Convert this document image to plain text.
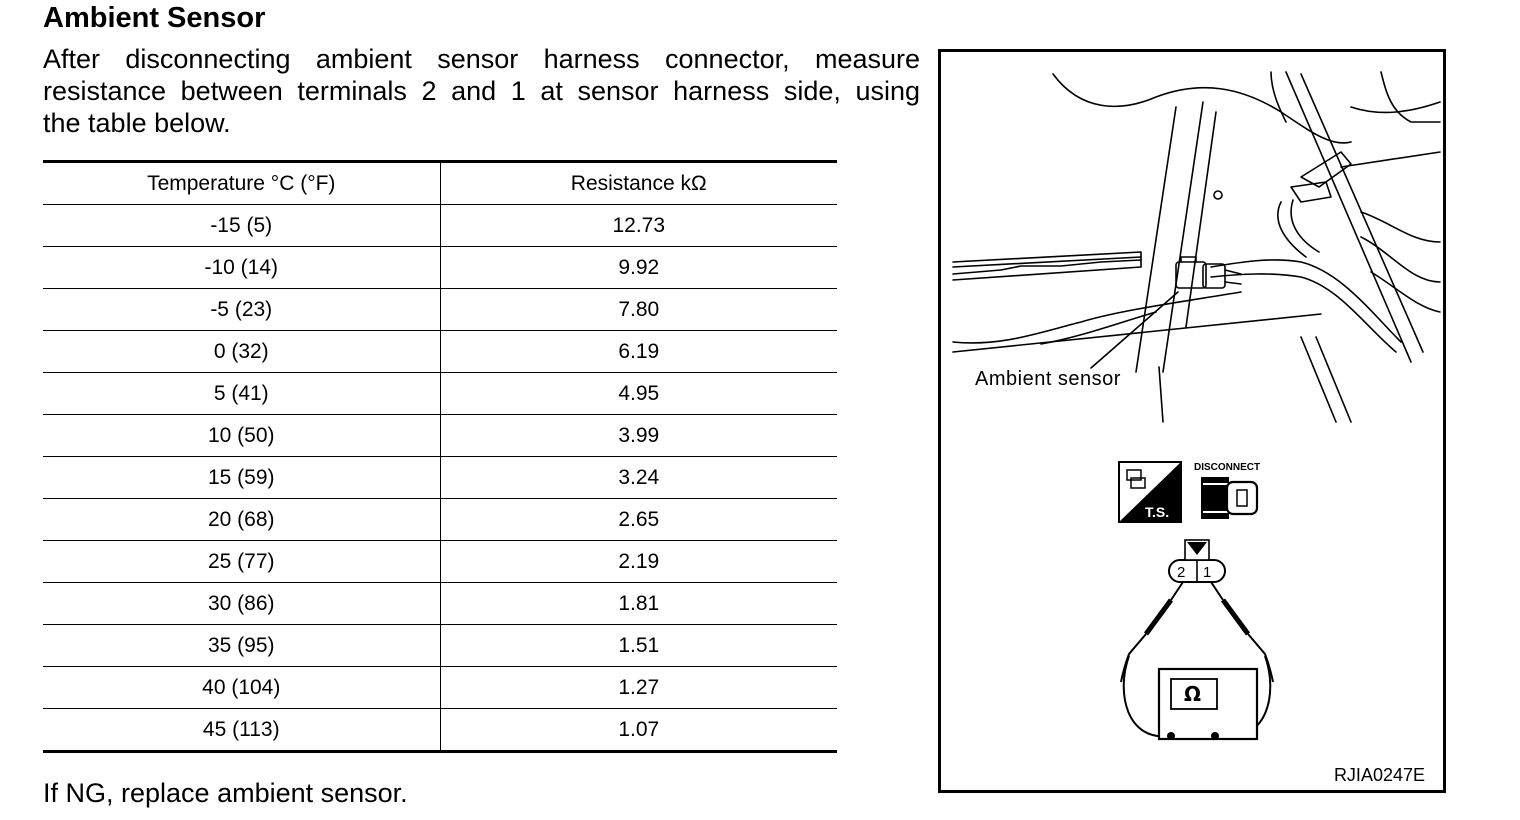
Ambient Sensor
After disconnecting ambient sensor harness connector, measure
resistance between terminals 2 and 1 at sensor harness side, using
the table below.
Temperature °C (°F)	Resistance kΩ
-15 (5)	12.73
-10 (14)	9.92
-5 (23)	7.80
0 (32)	6.19
5 (41)	4.95
10 (50)	3.99
15 (59)	3.24
20 (68)	2.65
25 (77)	2.19
30 (86)	1.81
35 (95)	1.51
40 (104)	1.27
45 (113)	1.07
If NG, replace ambient sensor.
T.S.
2 1
Ω
Ambient sensor
DISCONNECT
RJIA0247E
